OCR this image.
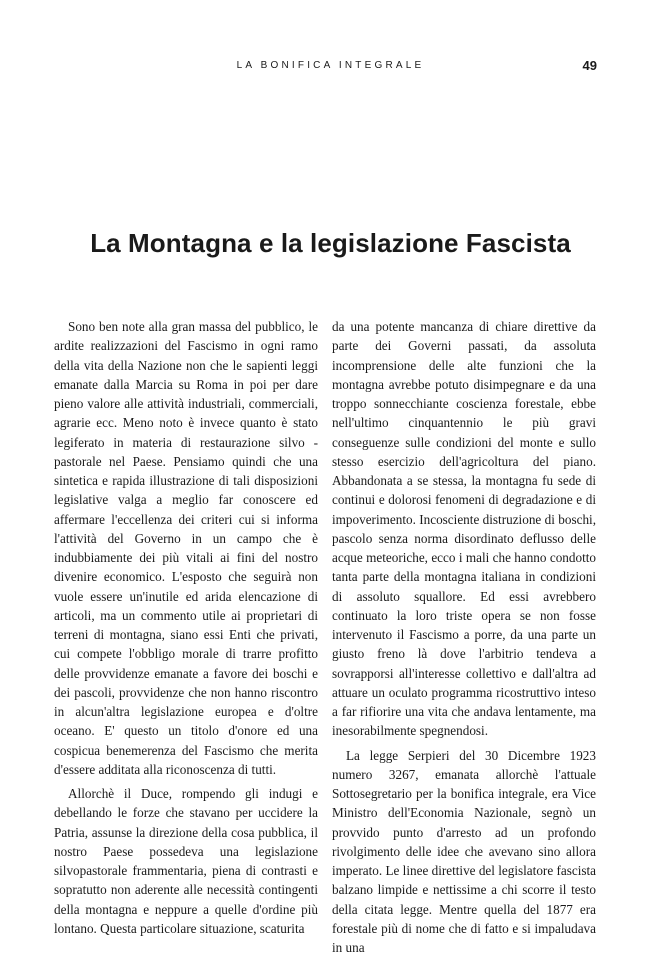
LA BONIFICA INTEGRALE	49
La Montagna e la legislazione Fascista

Sono ben note alla gran massa del pubblico, le ardite realizzazioni del Fascismo in ogni ramo della vita della Nazione non che le sapienti leggi emanate dalla Marcia su Roma in poi per dare pieno valore alle attività industriali, commerciali, agrarie ecc. Meno noto è invece quanto è stato legiferato in materia di restaurazione silvo - pastorale nel Paese. Pensiamo quindi che una sintetica e rapida illustrazione di tali disposizioni legislative valga a meglio far conoscere ed affermare l'eccellenza dei criteri cui si informa l'attività del Governo in un campo che è indubbiamente dei più vitali ai fini del nostro divenire economico. L'esposto che seguirà non vuole essere un'inutile ed arida elencazione di articoli, ma un commento utile ai proprietari di terreni di montagna, siano essi Enti che privati, cui compete l'obbligo morale di trarre profitto delle provvidenze emanate a favore dei boschi e dei pascoli, provvidenze che non hanno riscontro in alcun'altra legislazione europea e d'oltre oceano. E' questo un titolo d'onore ed una cospicua benemerenza del Fascismo che merita d'essere additata alla riconoscenza di tutti.

Allorchè il Duce, rompendo gli indugi e debellando le forze che stavano per uccidere la Patria, assunse la direzione della cosa pubblica, il nostro Paese possedeva una legislazione silvopastorale frammentaria, piena di contrasti e sopratutto non aderente alle necessità contingenti della montagna e neppure a quelle d'ordine più lontano. Questa particolare situazione, scaturita

da una potente mancanza di chiare direttive da parte dei Governi passati, da assoluta incomprensione delle alte funzioni che la montagna avrebbe potuto disimpegnare e da una troppo sonnecchiante coscienza forestale, ebbe nell'ultimo cinquantennio le più gravi conseguenze sulle condizioni del monte e sullo stesso esercizio dell'agricoltura del piano. Abbandonata a se stessa, la montagna fu sede di continui e dolorosi fenomeni di degradazione e di impoverimento. Incosciente distruzione di boschi, pascolo senza norma disordinato deflusso delle acque meteoriche, ecco i mali che hanno condotto tanta parte della montagna italiana in condizioni di assoluto squallore. Ed essi avrebbero continuato la loro triste opera se non fosse intervenuto il Fascismo a porre, da una parte un giusto freno là dove l'arbitrio tendeva a sovrapporsi all'interesse collettivo e dall'altra ad attuare un oculato programma ricostruttivo inteso a far rifiorire una vita che andava lentamente, ma inesorabilmente spegnendosi.

La legge Serpieri del 30 Dicembre 1923 numero 3267, emanata allorchè l'attuale Sottosegretario per la bonifica integrale, era Vice Ministro dell'Economia Nazionale, segnò un provvido punto d'arresto ad un profondo rivolgimento delle idee che avevano sino allora imperato. Le linee direttive del legislatore fascista balzano limpide e nettissime a chi scorre il testo della citata legge. Mentre quella del 1877 era forestale più di nome che di fatto e si impaludava in una
